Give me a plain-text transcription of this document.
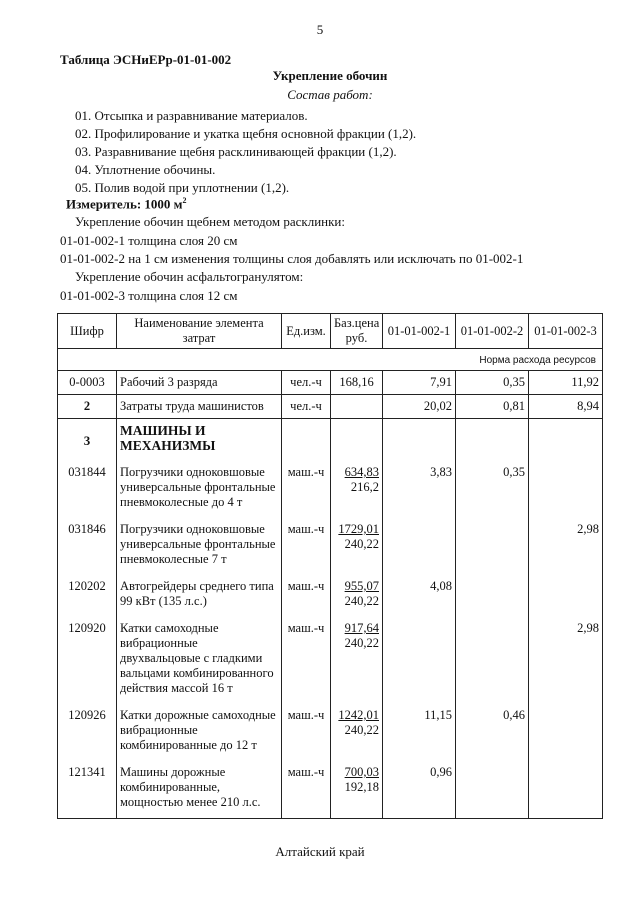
5
Таблица ЭСНиЕРр-01-01-002
Укрепление обочин
Состав работ:
01. Отсыпка и разравнивание материалов.
02. Профилирование и укатка щебня основной фракции (1,2).
03. Разравнивание щебня расклинивающей фракции (1,2).
04. Уплотнение обочины.
05. Полив водой при уплотнении (1,2).
Измеритель: 1000 $м^2$
Укрепление обочин щебнем методом расклинки:
01-01-002-1 толщина слоя 20 см
01-01-002-2 на 1 см изменения толщины слоя добавлять или исключать по 01-002-1
Укрепление обочин асфальтогранулятом:
01-01-002-3 толщина слоя 12 см
Шифр	Наименование элемента затрат	Ед.изм.	Баз.цена руб.	01-01-002-1	01-01-002-2	01-01-002-3
Норма расхода ресурсов						
0-0003	Рабочий 3 разряда	чел.-ч	168,16	7,91	0,35	11,92
2	Затраты труда машинистов	чел.-ч		20,02	0,81	8,94
3	МАШИНЫ И МЕХАНИЗМЫ					

031844	Погрузчики одноковшовые универсальные фронтальные пневмоколесные до 4 т	маш.-ч	634,83
216,2	3,83	0,35	
031846	Погрузчики одноковшовые универсальные фронтальные пневмоколесные 7 т	маш.-ч	1729,01
240,22			2,98
120202	Автогрейдеры среднего типа 99 кВт (135 л.с.)	маш.-ч	955,07
240,22	4,08		
120920	Катки самоходные вибрационные двухвальцовые с гладкими вальцами комбинированного действия массой 16 т	маш.-ч	917,64
240,22			2,98
120926	Катки дорожные самоходные вибрационные комбинированные до 12 т	маш.-ч	1242,01
240,22	11,15	0,46	
121341	Машины дорожные комбинированные, мощностью менее 210 л.с.	маш.-ч	700,03
192,18	0,96		
Алтайский край
